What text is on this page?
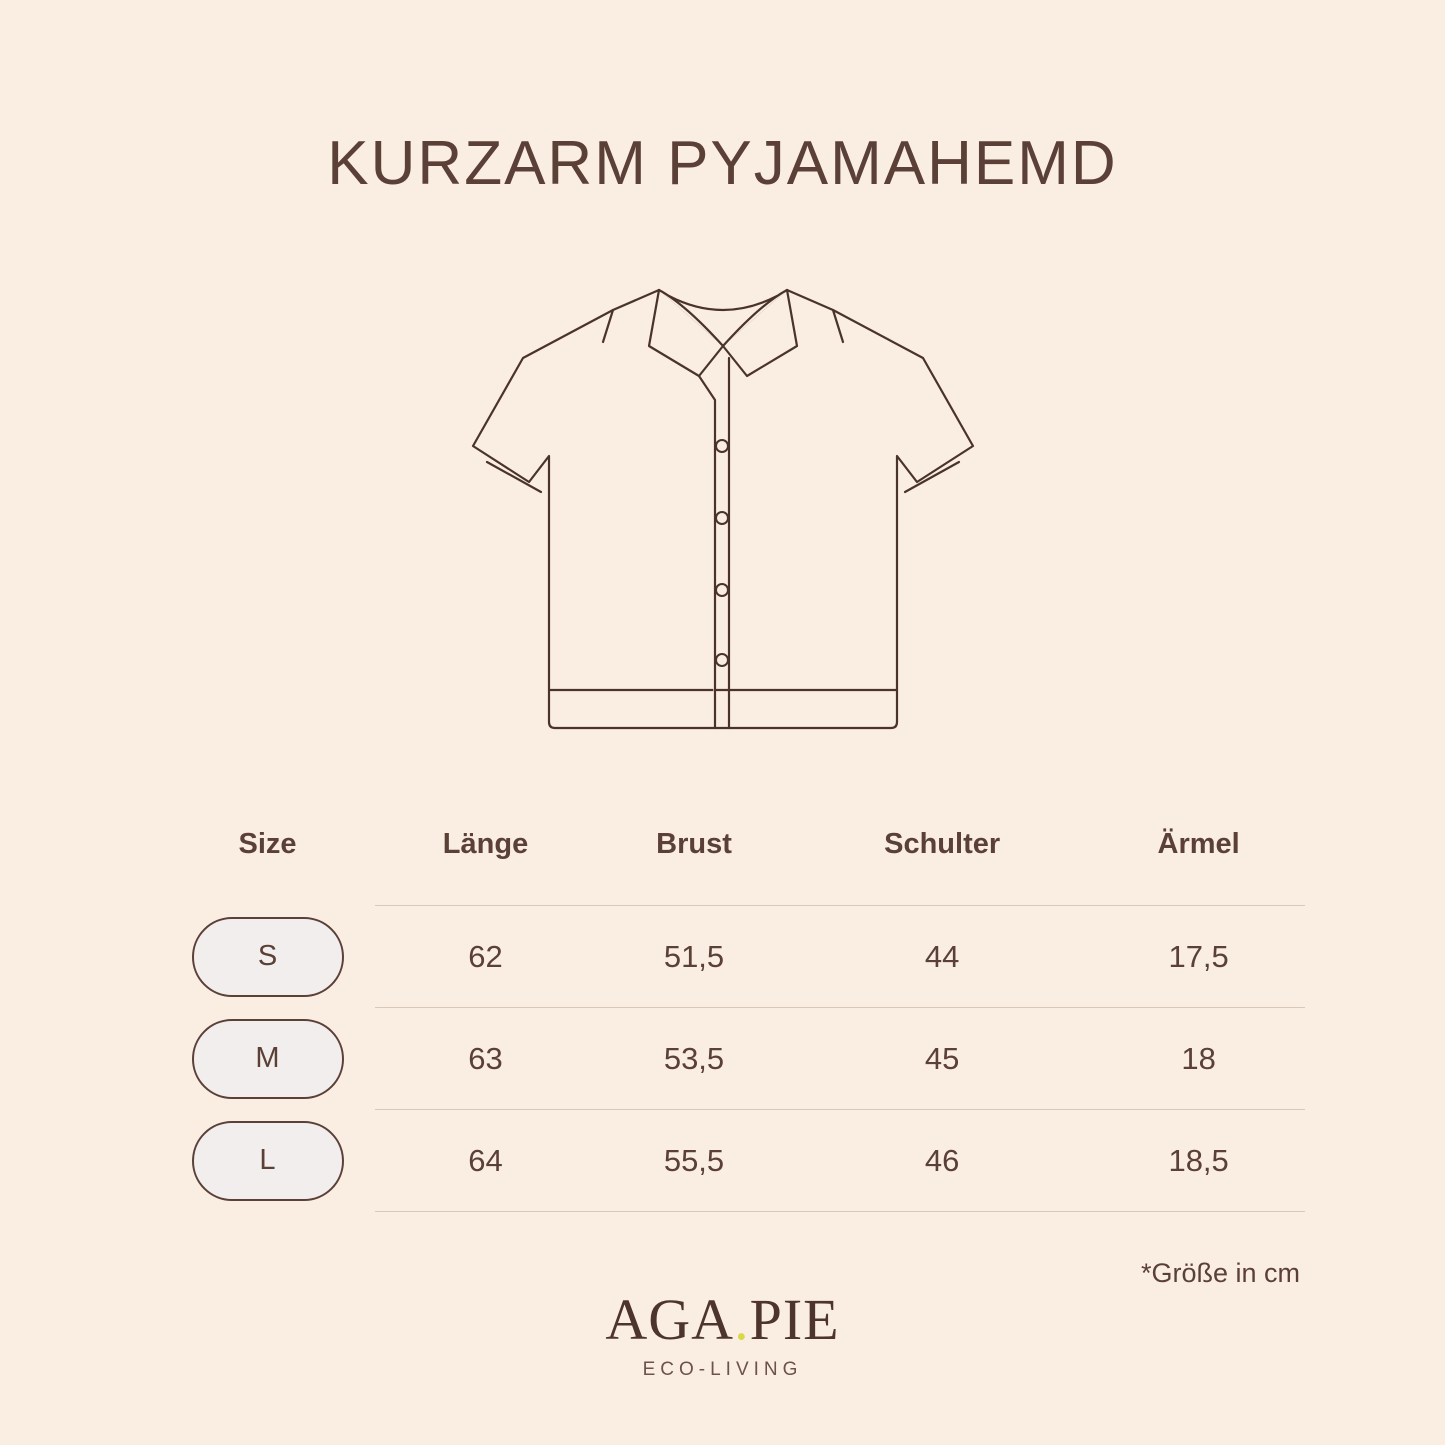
KURZARM PYJAMAHEMD
Size	Länge	Brust	Schulter	Ärmel
S	62	51,5	44	17,5
M	63	53,5	45	18
L	64	55,5	46	18,5
*Größe in cm
AGA.PIE
ECO-LIVING
